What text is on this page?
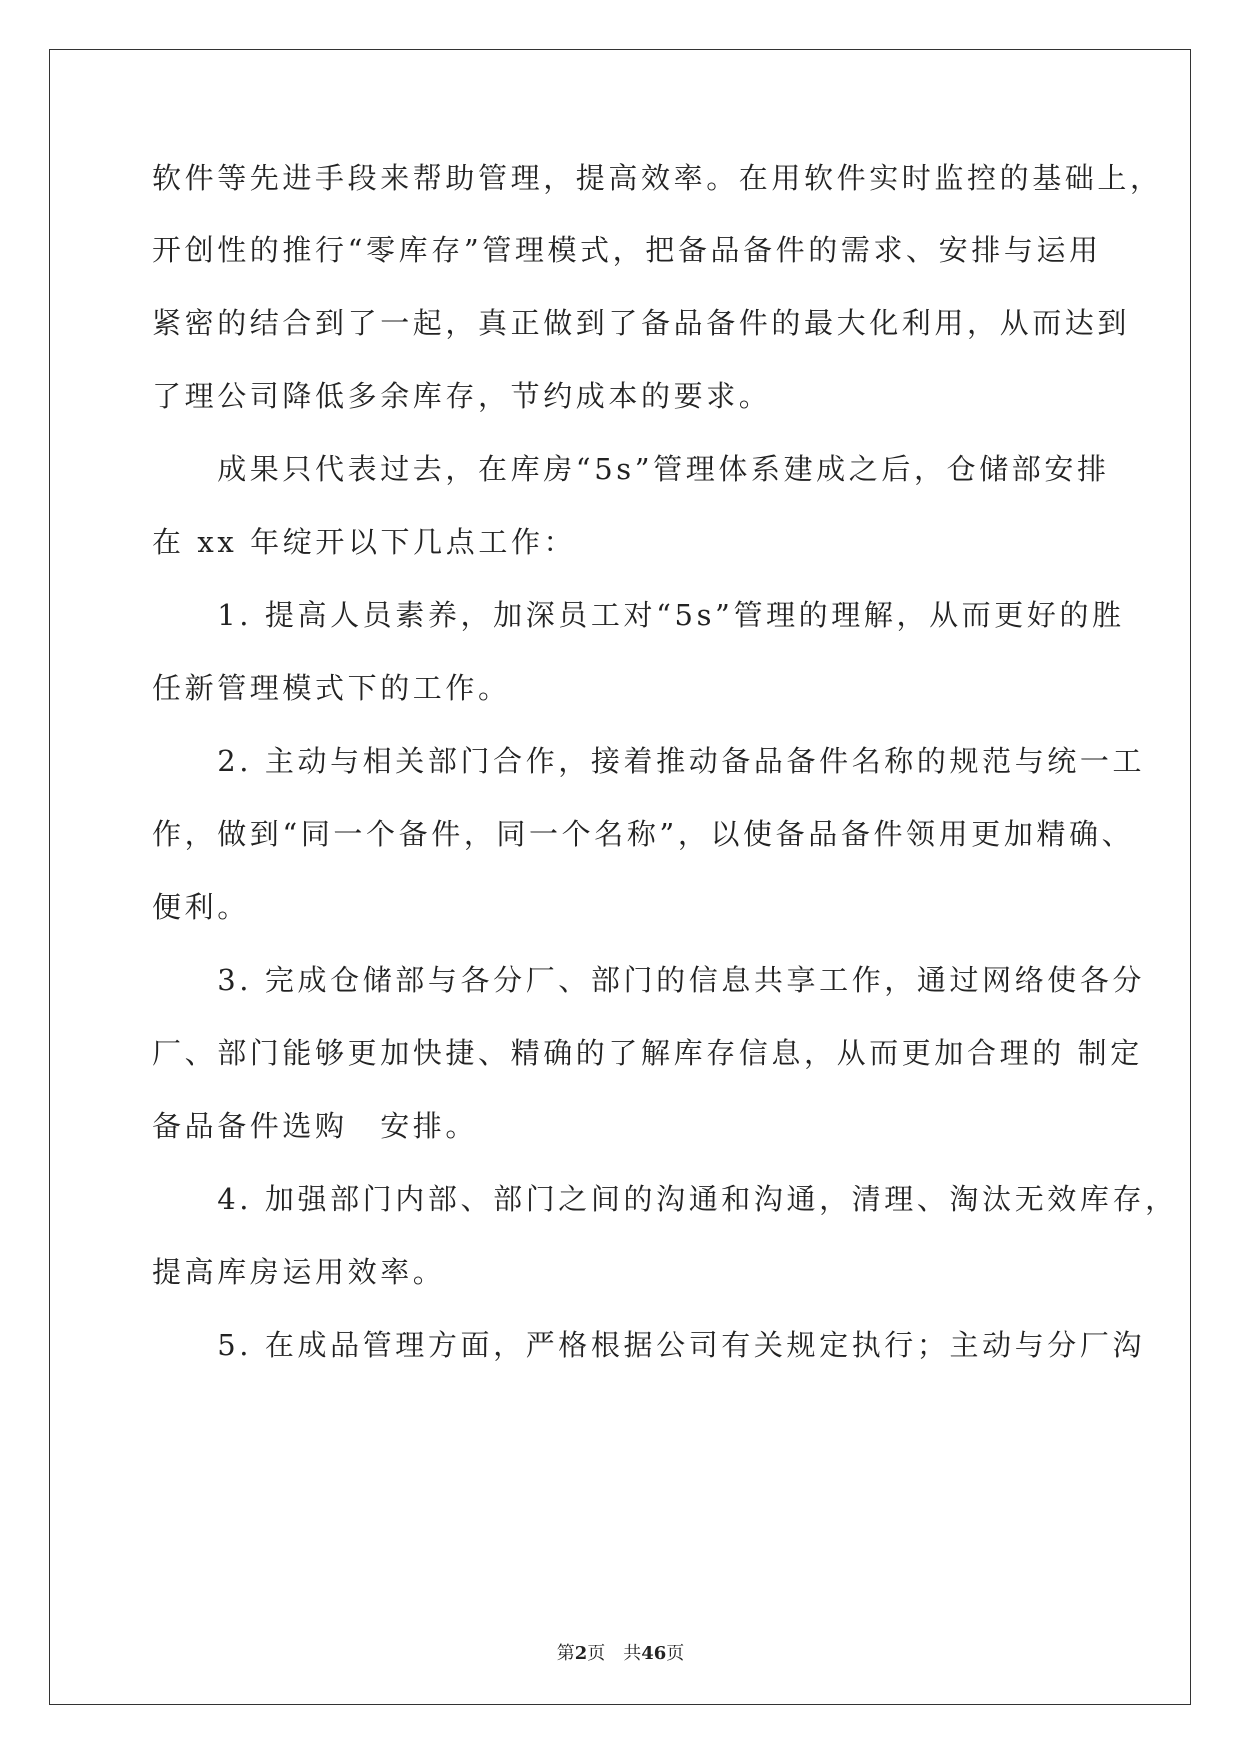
软件等先进手段来帮助管理，提高效率。在用软件实时监控的基础上，
开创性的推行“零库存”管理模式，把备品备件的需求、安排与运用
紧密的结合到了一起，真正做到了备品备件的最大化利用，从而达到
了理公司降低多余库存，节约成本的要求。
　　成果只代表过去，在库房“5s”管理体系建成之后，仓储部安排
在 xx 年绽开以下几点工作：
　　1. 提高人员素养，加深员工对“5s”管理的理解，从而更好的胜
任新管理模式下的工作。
　　2. 主动与相关部门合作，接着推动备品备件名称的规范与统一工
作，做到“同一个备件，同一个名称”，以使备品备件领用更加精确、
便利。
　　3. 完成仓储部与各分厂、部门的信息共享工作，通过网络使各分
厂、部门能够更加快捷、精确的了解库存信息，从而更加合理的 制定
备品备件选购　安排。
　　4. 加强部门内部、部门之间的沟通和沟通，清理、淘汰无效库存，
提高库房运用效率。
　　5. 在成品管理方面，严格根据公司有关规定执行；主动与分厂沟
第2页　共46页
